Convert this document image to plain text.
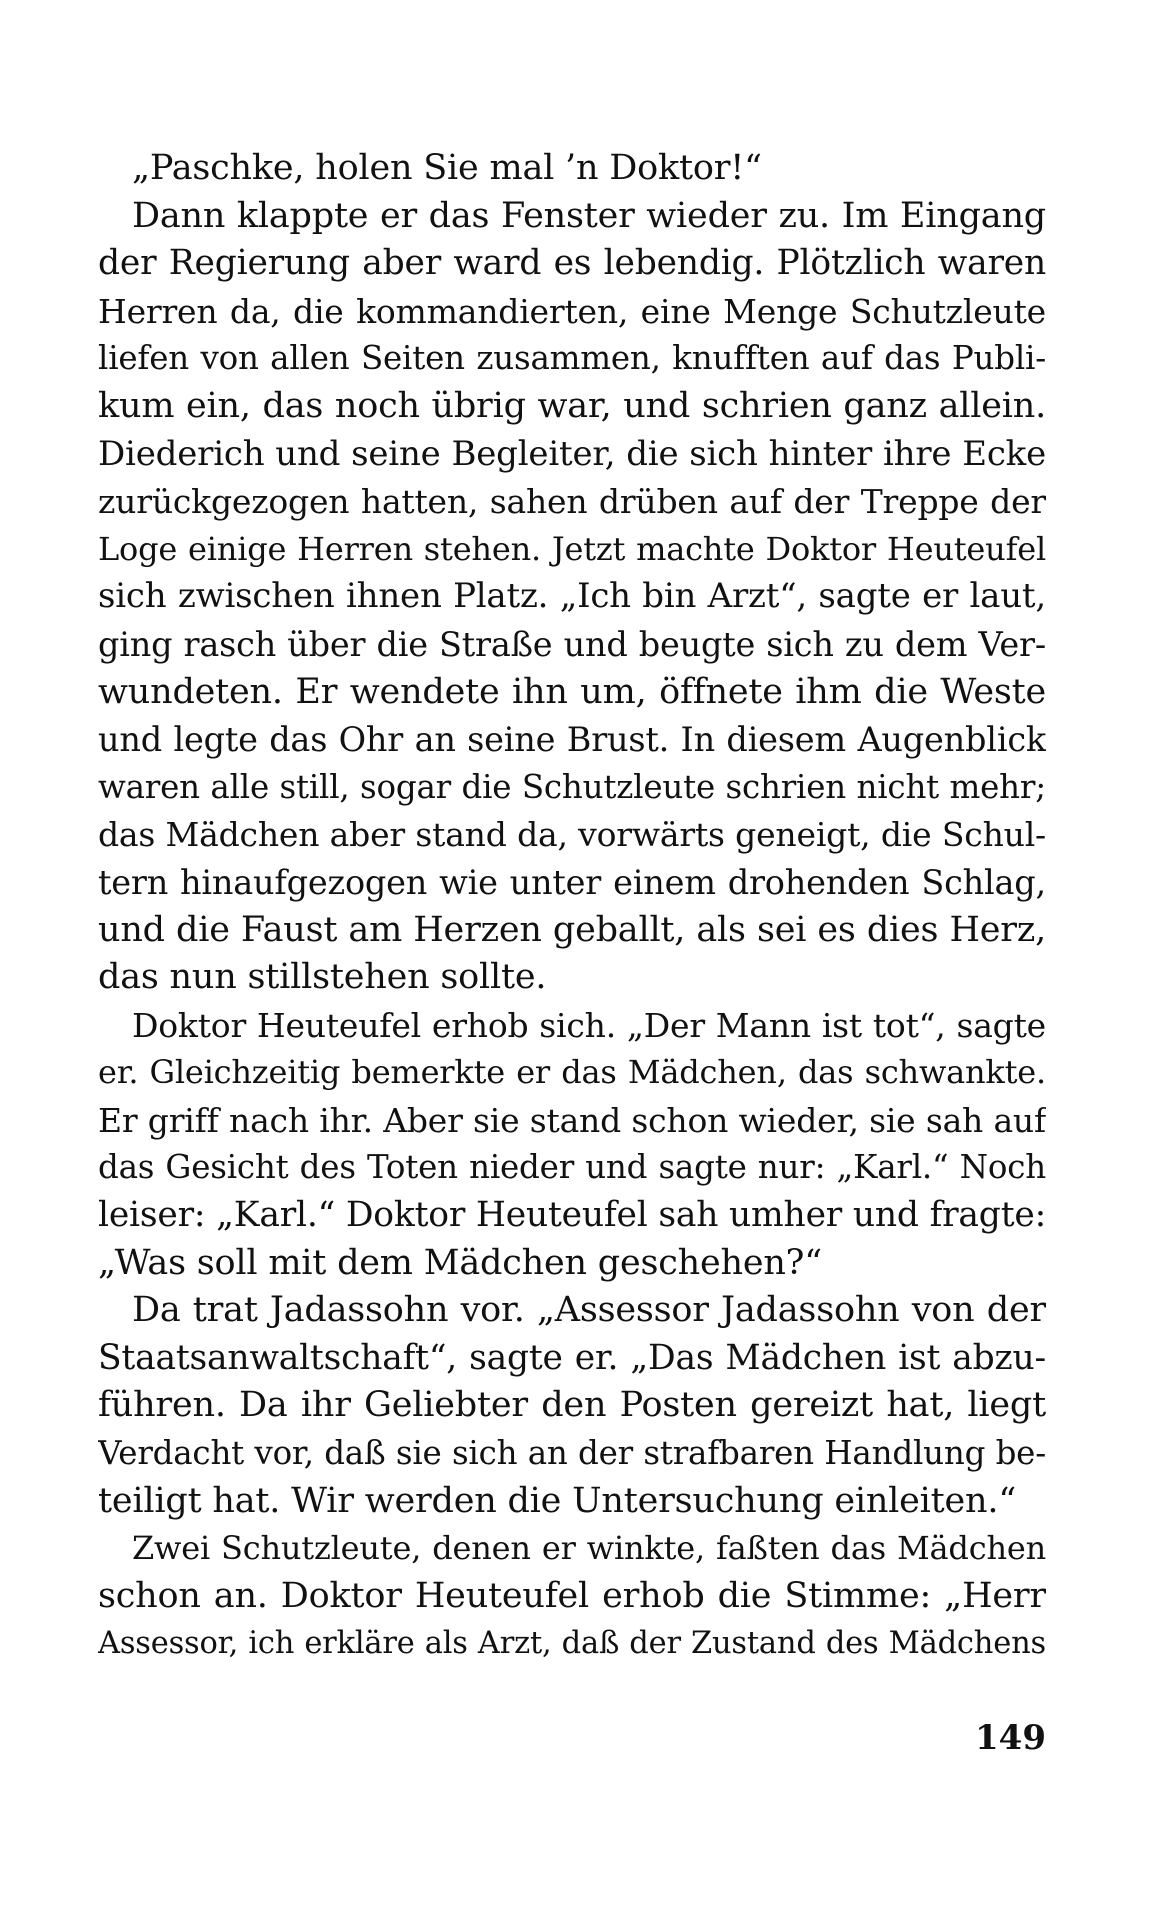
„Paschke, holen Sie mal ’n Doktor!“
Dann klappte er das Fenster wieder zu. Im Eingang
der Regierung aber ward es lebendig. Plötzlich waren
Herren da, die kommandierten, eine Menge Schutzleute
liefen von allen Seiten zusammen, knufften auf das Publi-
kum ein, das noch übrig war, und schrien ganz allein.
Diederich und seine Begleiter, die sich hinter ihre Ecke
zurückgezogen hatten, sahen drüben auf der Treppe der
Loge einige Herren stehen. Jetzt machte Doktor Heuteufel
sich zwischen ihnen Platz. „Ich bin Arzt“, sagte er laut,
ging rasch über die Straße und beugte sich zu dem Ver-
wundeten. Er wendete ihn um, öffnete ihm die Weste
und legte das Ohr an seine Brust. In diesem Augenblick
waren alle still, sogar die Schutzleute schrien nicht mehr;
das Mädchen aber stand da, vorwärts geneigt, die Schul-
tern hinaufgezogen wie unter einem drohenden Schlag,
und die Faust am Herzen geballt, als sei es dies Herz,
das nun stillstehen sollte.
Doktor Heuteufel erhob sich. „Der Mann ist tot“, sagte
er. Gleichzeitig bemerkte er das Mädchen, das schwankte.
Er griff nach ihr. Aber sie stand schon wieder, sie sah auf
das Gesicht des Toten nieder und sagte nur: „Karl.“ Noch
leiser: „Karl.“ Doktor Heuteufel sah umher und fragte:
„Was soll mit dem Mädchen geschehen?“
Da trat Jadassohn vor. „Assessor Jadassohn von der
Staatsanwaltschaft“, sagte er. „Das Mädchen ist abzu-
führen. Da ihr Geliebter den Posten gereizt hat, liegt
Verdacht vor, daß sie sich an der strafbaren Handlung be-
teiligt hat. Wir werden die Untersuchung einleiten.“
Zwei Schutzleute, denen er winkte, faßten das Mädchen
schon an. Doktor Heuteufel erhob die Stimme: „Herr
Assessor, ich erkläre als Arzt, daß der Zustand des Mädchens
149
